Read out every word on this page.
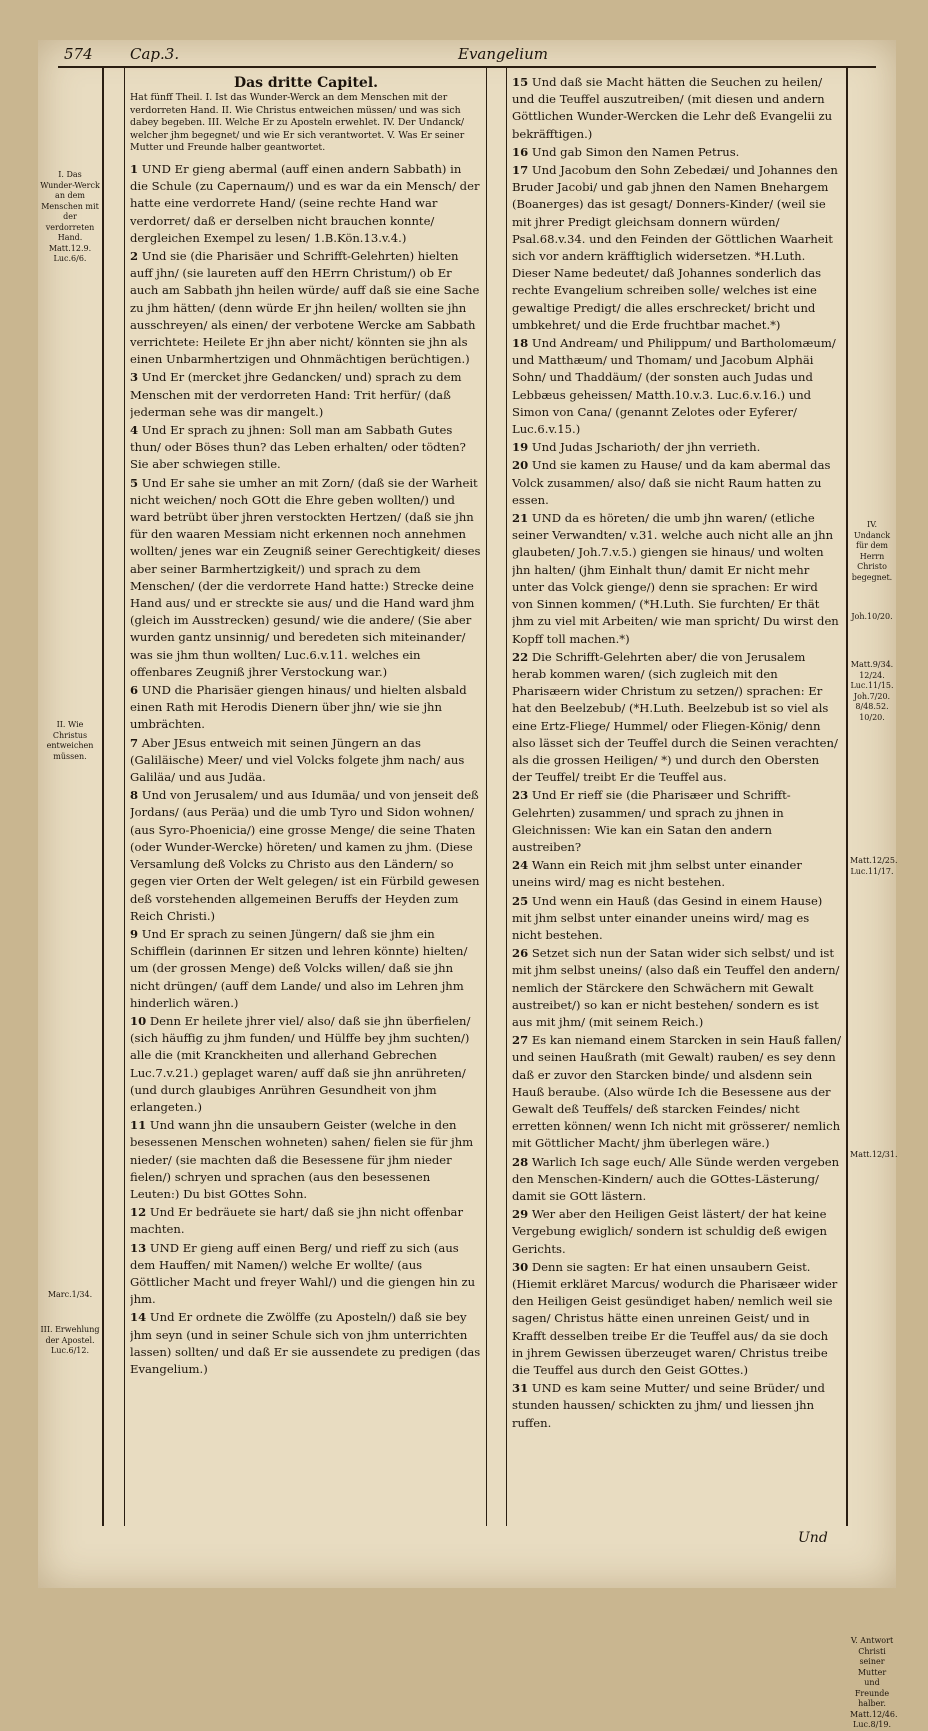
574 Cap.3.	Evangelium
I. Das Wunder-Werck an dem Menschen mit der verdorreten Hand. Matt.12.9. Luc.6/6.
II. Wie Christus entweichen müssen.
Marc.1/34.
III. Erwehlung der Apostel. Luc.6/12.
Das dritte Capitel.

Hat fünff Theil. I. Ist das Wunder-Werck an dem Menschen mit der verdorreten Hand. II. Wie Christus entweichen müssen/ und was sich dabey begeben. III. Welche Er zu Aposteln erwehlet. IV. Der Undanck/ welcher jhm begegnet/ und wie Er sich verantwortet. V. Was Er seiner Mutter und Freunde halber geantwortet.

1 UND Er gieng abermal (auff einen andern Sabbath) in die Schule (zu Capernaum/) und es war da ein Mensch/ der hatte eine verdorrete Hand/ (seine rechte Hand war verdorret/ daß er derselben nicht brauchen konnte/ dergleichen Exempel zu lesen/ 1.B.Kön.13.v.4.)

2 Und sie (die Pharisäer und Schrifft-Gelehrten) hielten auff jhn/ (sie laureten auff den HErrn Christum/) ob Er auch am Sabbath jhn heilen würde/ auff daß sie eine Sache zu jhm hätten/ (denn würde Er jhn heilen/ wollten sie jhn ausschreyen/ als einen/ der verbotene Wercke am Sabbath verrichtete: Heilete Er jhn aber nicht/ könnten sie jhn als einen Unbarmhertzigen und Ohnmächtigen berüchtigen.)

3 Und Er (mercket jhre Gedancken/ und) sprach zu dem Menschen mit der verdorreten Hand: Trit herfür/ (daß jederman sehe was dir mangelt.)

4 Und Er sprach zu jhnen: Soll man am Sabbath Gutes thun/ oder Böses thun? das Leben erhalten/ oder tödten? Sie aber schwiegen stille.

5 Und Er sahe sie umher an mit Zorn/ (daß sie der Warheit nicht weichen/ noch GOtt die Ehre geben wollten/) und ward betrübt über jhren verstockten Hertzen/ (daß sie jhn für den waaren Messiam nicht erkennen noch annehmen wollten/ jenes war ein Zeugniß seiner Gerechtigkeit/ dieses aber seiner Barmhertzigkeit/) und sprach zu dem Menschen/ (der die verdorrete Hand hatte:) Strecke deine Hand aus/ und er streckte sie aus/ und die Hand ward jhm (gleich im Ausstrecken) gesund/ wie die andere/ (Sie aber wurden gantz unsinnig/ und beredeten sich miteinander/ was sie jhm thun wollten/ Luc.6.v.11. welches ein offenbares Zeugniß jhrer Verstockung war.)

6 UND die Pharisäer giengen hinaus/ und hielten alsbald einen Rath mit Herodis Dienern über jhn/ wie sie jhn umbrächten.

7 Aber JEsus entweich mit seinen Jüngern an das (Galiläische) Meer/ und viel Volcks folgete jhm nach/ aus Galiläa/ und aus Judäa.

8 Und von Jerusalem/ und aus Idumäa/ und von jenseit deß Jordans/ (aus Peräa) und die umb Tyro und Sidon wohnen/ (aus Syro-Phoenicia/) eine grosse Menge/ die seine Thaten (oder Wunder-Wercke) höreten/ und kamen zu jhm. (Diese Versamlung deß Volcks zu Christo aus den Ländern/ so gegen vier Orten der Welt gelegen/ ist ein Fürbild gewesen deß vorstehenden allgemeinen Beruffs der Heyden zum Reich Christi.)

9 Und Er sprach zu seinen Jüngern/ daß sie jhm ein Schifflein (darinnen Er sitzen und lehren könnte) hielten/ um (der grossen Menge) deß Volcks willen/ daß sie jhn nicht drüngen/ (auff dem Lande/ und also im Lehren jhm hinderlich wären.)

10 Denn Er heilete jhrer viel/ also/ daß sie jhn überfielen/ (sich häuffig zu jhm funden/ und Hülffe bey jhm suchten/) alle die (mit Kranckheiten und allerhand Gebrechen Luc.7.v.21.) geplaget waren/ auff daß sie jhn anrühreten/ (und durch glaubiges Anrühren Gesundheit von jhm erlangeten.)

11 Und wann jhn die unsaubern Geister (welche in den besessenen Menschen wohneten) sahen/ fielen sie für jhm nieder/ (sie machten daß die Besessene für jhm nieder fielen/) schryen und sprachen (aus den besessenen Leuten:) Du bist GOttes Sohn.

12 Und Er bedräuete sie hart/ daß sie jhn nicht offenbar machten.

13 UND Er gieng auff einen Berg/ und rieff zu sich (aus dem Hauffen/ mit Namen/) welche Er wollte/ (aus Göttlicher Macht und freyer Wahl/) und die giengen hin zu jhm.

14 Und Er ordnete die Zwölffe (zu Aposteln/) daß sie bey jhm seyn (und in seiner Schule sich von jhm unterrichten lassen) sollten/ und daß Er sie aussendete zu predigen (das Evangelium.)

15 Und daß sie Macht hätten die Seuchen zu heilen/ und die Teuffel auszutreiben/ (mit diesen und andern Göttlichen Wunder-Wercken die Lehr deß Evangelii zu bekräfftigen.)

16 Und gab Simon den Namen Petrus.

17 Und Jacobum den Sohn Zebedæi/ und Johannes den Bruder Jacobi/ und gab jhnen den Namen Bnehargem (Boanerges) das ist gesagt/ Donners-Kinder/ (weil sie mit jhrer Predigt gleichsam donnern würden/ Psal.68.v.34. und den Feinden der Göttlichen Waarheit sich vor andern kräfftiglich widersetzen. *H.Luth. Dieser Name bedeutet/ daß Johannes sonderlich das rechte Evangelium schreiben solle/ welches ist eine gewaltige Predigt/ die alles erschrecket/ bricht und umbkehret/ und die Erde fruchtbar machet.*)

18 Und Andream/ und Philippum/ und Bartholomæum/ und Matthæum/ und Thomam/ und Jacobum Alphäi Sohn/ und Thaddäum/ (der sonsten auch Judas und Lebbæus geheissen/ Matth.10.v.3. Luc.6.v.16.) und Simon von Cana/ (genannt Zelotes oder Eyferer/ Luc.6.v.15.)

19 Und Judas Jscharioth/ der jhn verrieth.

20 Und sie kamen zu Hause/ und da kam abermal das Volck zusammen/ also/ daß sie nicht Raum hatten zu essen.

21 UND da es höreten/ die umb jhn waren/ (etliche seiner Verwandten/ v.31. welche auch nicht alle an jhn glaubeten/ Joh.7.v.5.) giengen sie hinaus/ und wolten jhn halten/ (jhm Einhalt thun/ damit Er nicht mehr unter das Volck gienge/) denn sie sprachen: Er wird von Sinnen kommen/ (*H.Luth. Sie furchten/ Er thät jhm zu viel mit Arbeiten/ wie man spricht/ Du wirst den Kopff toll machen.*)

22 Die Schrifft-Gelehrten aber/ die von Jerusalem herab kommen waren/ (sich zugleich mit den Pharisæern wider Christum zu setzen/) sprachen: Er hat den Beelzebub/ (*H.Luth. Beelzebub ist so viel als eine Ertz-Fliege/ Hummel/ oder Fliegen-König/ denn also lässet sich der Teuffel durch die Seinen verachten/ als die grossen Heiligen/ *) und durch den Obersten der Teuffel/ treibt Er die Teuffel aus.

23 Und Er rieff sie (die Pharisæer und Schrifft-Gelehrten) zusammen/ und sprach zu jhnen in Gleichnissen: Wie kan ein Satan den andern austreiben?

24 Wann ein Reich mit jhm selbst unter einander uneins wird/ mag es nicht bestehen.

25 Und wenn ein Hauß (das Gesind in einem Hause) mit jhm selbst unter einander uneins wird/ mag es nicht bestehen.

26 Setzet sich nun der Satan wider sich selbst/ und ist mit jhm selbst uneins/ (also daß ein Teuffel den andern/ nemlich der Stärckere den Schwächern mit Gewalt austreibet/) so kan er nicht bestehen/ sondern es ist aus mit jhm/ (mit seinem Reich.)

27 Es kan niemand einem Starcken in sein Hauß fallen/ und seinen Haußrath (mit Gewalt) rauben/ es sey denn daß er zuvor den Starcken binde/ und alsdenn sein Hauß beraube. (Also würde Ich die Besessene aus der Gewalt deß Teuffels/ deß starcken Feindes/ nicht erretten können/ wenn Ich nicht mit grösserer/ nemlich mit Göttlicher Macht/ jhm überlegen wäre.)

28 Warlich Ich sage euch/ Alle Sünde werden vergeben den Menschen-Kindern/ auch die GOttes-Lästerung/ damit sie GOtt lästern.

29 Wer aber den Heiligen Geist lästert/ der hat keine Vergebung ewiglich/ sondern ist schuldig deß ewigen Gerichts.

30 Denn sie sagten: Er hat einen unsaubern Geist. (Hiemit erkläret Marcus/ wodurch die Pharisæer wider den Heiligen Geist gesündiget haben/ nemlich weil sie sagen/ Christus hätte einen unreinen Geist/ und in Krafft desselben treibe Er die Teuffel aus/ da sie doch in jhrem Gewissen überzeuget waren/ Christus treibe die Teuffel aus durch den Geist GOttes.)

31 UND es kam seine Mutter/ und seine Brüder/ und stunden haussen/ schickten zu jhm/ und liessen jhn ruffen.

IV. Undanck für dem Herrn Christo begegnet.
Joh.10/20.
Matt.9/34. 12/24. Luc.11/15. Joh.7/20. 8/48.52. 10/20.
Matt.12/25. Luc.11/17.
Matt.12/31.
V. Antwort Christi seiner Mutter und Freunde halber. Matt.12/46. Luc.8/19.
Und
